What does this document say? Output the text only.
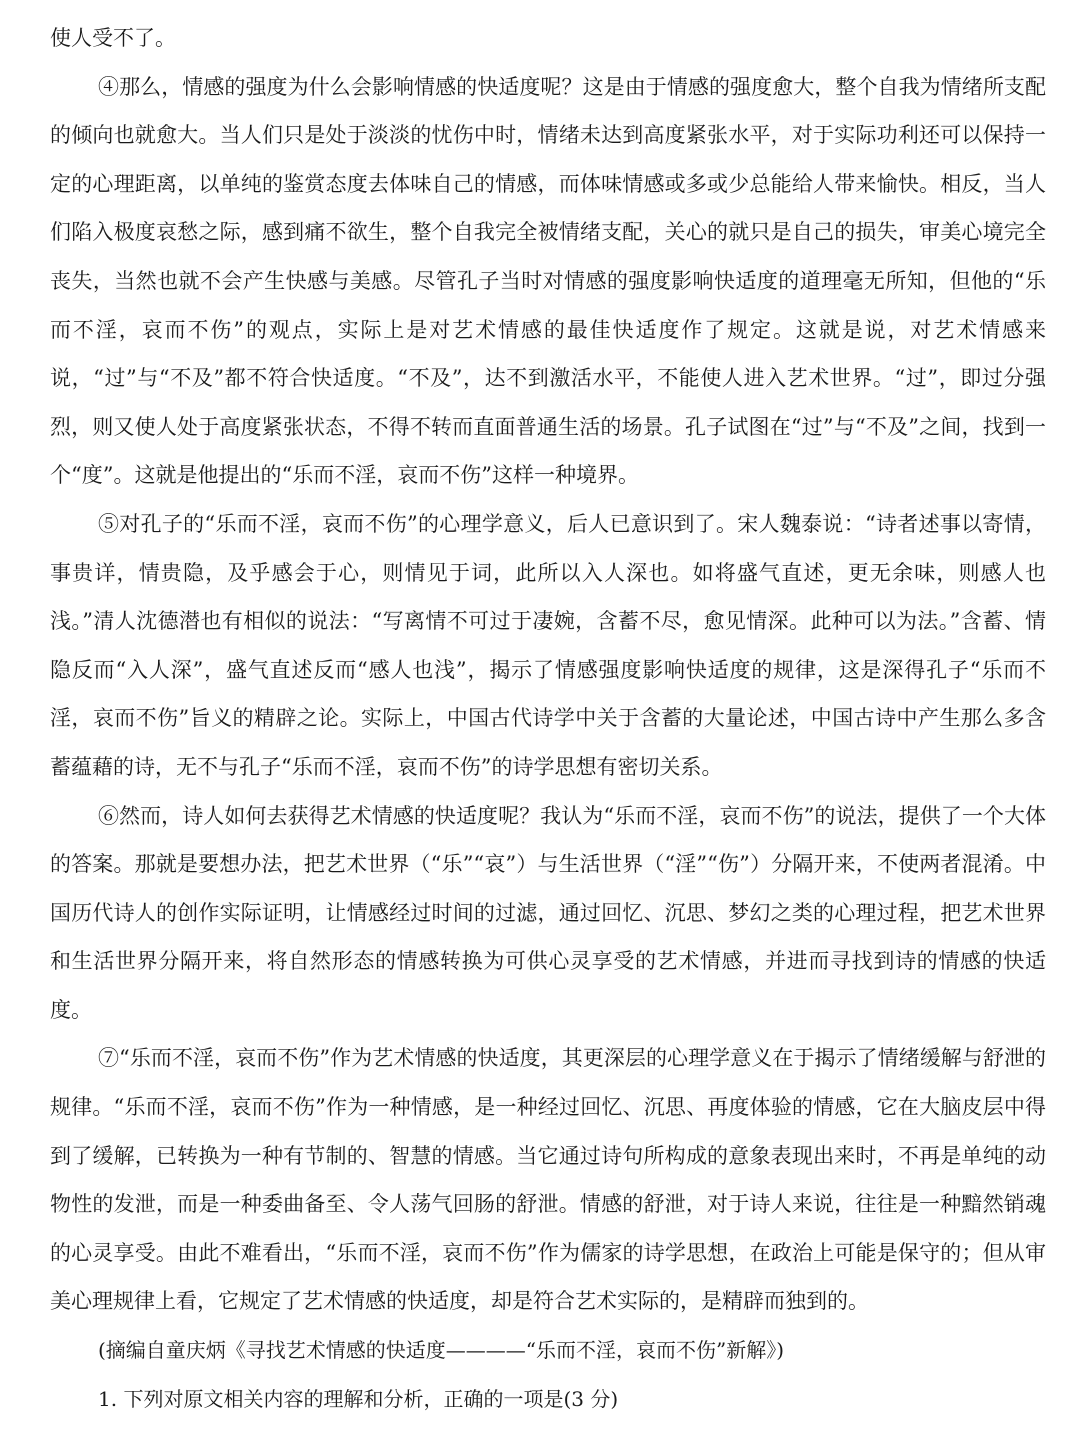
使人受不了。

④那么，情感的强度为什么会影响情感的快适度呢？这是由于情感的强度愈大，整个自我为情绪所支配的倾向也就愈大。当人们只是处于淡淡的忧伤中时，情绪未达到高度紧张水平，对于实际功利还可以保持一定的心理距离，以单纯的鉴赏态度去体味自己的情感，而体味情感或多或少总能给人带来愉快。相反，当人们陷入极度哀愁之际，感到痛不欲生，整个自我完全被情绪支配，关心的就只是自己的损失，审美心境完全丧失，当然也就不会产生快感与美感。尽管孔子当时对情感的强度影响快适度的道理毫无所知，但他的“乐而不淫，哀而不伤”的观点，实际上是对艺术情感的最佳快适度作了规定。这就是说，对艺术情感来说，“过”与“不及”都不符合快适度。“不及”，达不到激活水平，不能使人进入艺术世界。“过”，即过分强烈，则又使人处于高度紧张状态，不得不转而直面普通生活的场景。孔子试图在“过”与“不及”之间，找到一个“度”。这就是他提出的“乐而不淫，哀而不伤”这样一种境界。

⑤对孔子的“乐而不淫，哀而不伤”的心理学意义，后人已意识到了。宋人魏泰说：“诗者述事以寄情，事贵详，情贵隐，及乎感会于心，则情见于词，此所以入人深也。如将盛气直述，更无余味，则感人也浅。”清人沈德潜也有相似的说法：“写离情不可过于凄婉，含蓄不尽，愈见情深。此种可以为法。”含蓄、情隐反而“入人深”，盛气直述反而“感人也浅”，揭示了情感强度影响快适度的规律，这是深得孔子“乐而不淫，哀而不伤”旨义的精辟之论。实际上，中国古代诗学中关于含蓄的大量论述，中国古诗中产生那么多含蓄蕴藉的诗，无不与孔子“乐而不淫，哀而不伤”的诗学思想有密切关系。

⑥然而，诗人如何去获得艺术情感的快适度呢？我认为“乐而不淫，哀而不伤”的说法，提供了一个大体的答案。那就是要想办法，把艺术世界（“乐”“哀”）与生活世界（“淫”“伤”）分隔开来，不使两者混淆。中国历代诗人的创作实际证明，让情感经过时间的过滤，通过回忆、沉思、梦幻之类的心理过程，把艺术世界和生活世界分隔开来，将自然形态的情感转换为可供心灵享受的艺术情感，并进而寻找到诗的情感的快适度。

⑦“乐而不淫，哀而不伤”作为艺术情感的快适度，其更深层的心理学意义在于揭示了情绪缓解与舒泄的规律。“乐而不淫，哀而不伤”作为一种情感，是一种经过回忆、沉思、再度体验的情感，它在大脑皮层中得到了缓解，已转换为一种有节制的、智慧的情感。当它通过诗句所构成的意象表现出来时，不再是单纯的动物性的发泄，而是一种委曲备至、令人荡气回肠的舒泄。情感的舒泄，对于诗人来说，往往是一种黯然销魂的心灵享受。由此不难看出，“乐而不淫，哀而不伤”作为儒家的诗学思想，在政治上可能是保守的；但从审美心理规律上看，它规定了艺术情感的快适度，却是符合艺术实际的，是精辟而独到的。

(摘编自童庆炳《寻找艺术情感的快适度————“乐而不淫，哀而不伤”新解》)

1. 下列对原文相关内容的理解和分析，正确的一项是(3 分)
